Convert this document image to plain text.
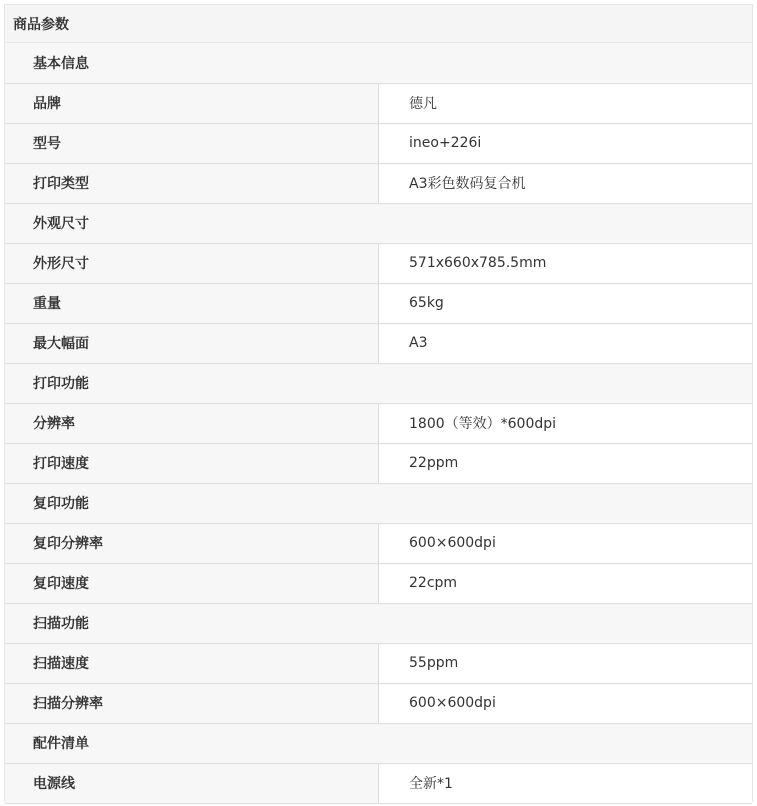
商品参数
基本信息	
品牌	德凡
型号	ineo+226i
打印类型	A3彩色数码复合机
外观尺寸	
外形尺寸	571x660x785.5mm
重量	65kg
最大幅面	A3
打印功能	
分辨率	1800（等效）*600dpi
打印速度	22ppm
复印功能	
复印分辨率	600×600dpi
复印速度	22cpm
扫描功能	
扫描速度	55ppm
扫描分辨率	600×600dpi
配件清单	
电源线	全新*1
